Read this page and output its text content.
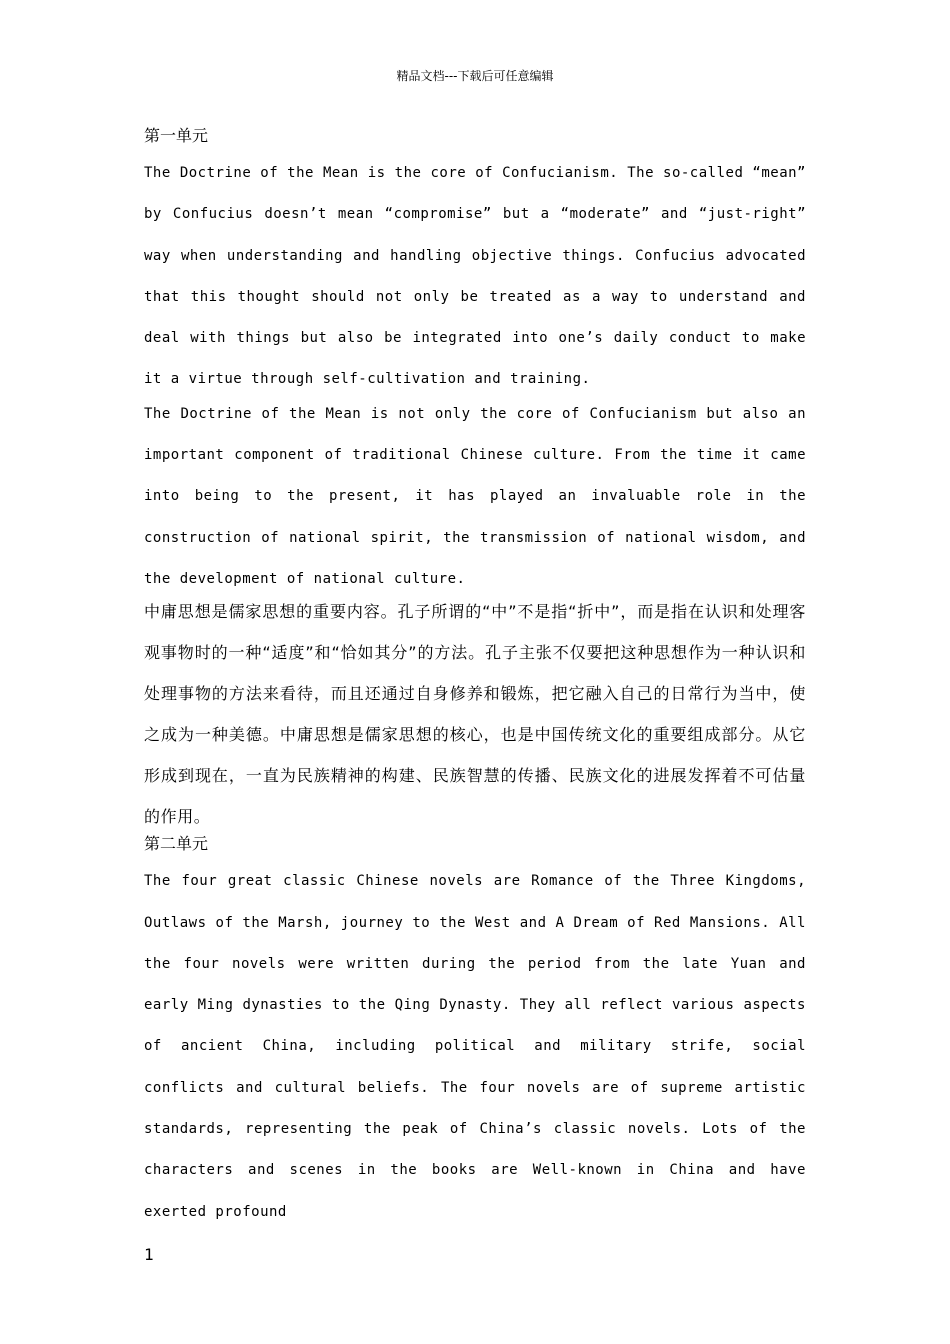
精品文档---下载后可任意编辑
第一单元

The Doctrine of the Mean is the core of Confucianism. The so-called “mean” by Confucius doesn’t mean “compromise” but a “moderate” and “just-right” way when understanding and handling objective things. Confucius advocated that this thought should not only be treated as a way to understand and deal with things but also be integrated into one’s daily conduct to make it a virtue through self-cultivation and training.

The Doctrine of the Mean is not only the core of Confucianism but also an important component of traditional Chinese culture. From the time it came into being to the present, it has played an invaluable role in the construction of national spirit, the transmission of national wisdom, and the development of national culture.

中庸思想是儒家思想的重要内容。孔子所谓的“中”不是指“折中”，而是指在认识和处理客观事物时的一种“适度”和“恰如其分”的方法。孔子主张不仅要把这种思想作为一种认识和处理事物的方法来看待，而且还通过自身修养和锻炼，把它融入自己的日常行为当中，使之成为一种美德。中庸思想是儒家思想的核心，也是中国传统文化的重要组成部分。从它形成到现在，一直为民族精神的构建、民族智慧的传播、民族文化的进展发挥着不可估量的作用。

第二单元

The four great classic Chinese novels are Romance of the Three Kingdoms, Outlaws of the Marsh, journey to the West and A Dream of Red Mansions. All the four novels were written during the period from the late Yuan and early Ming dynasties to the Qing Dynasty. They all reflect various aspects of ancient China, including political and military strife, social conflicts and cultural beliefs. The four novels are of supreme artistic standards, representing the peak of China’s classic novels. Lots of the characters and scenes in the books are Well-known in China and have exerted profound

1
